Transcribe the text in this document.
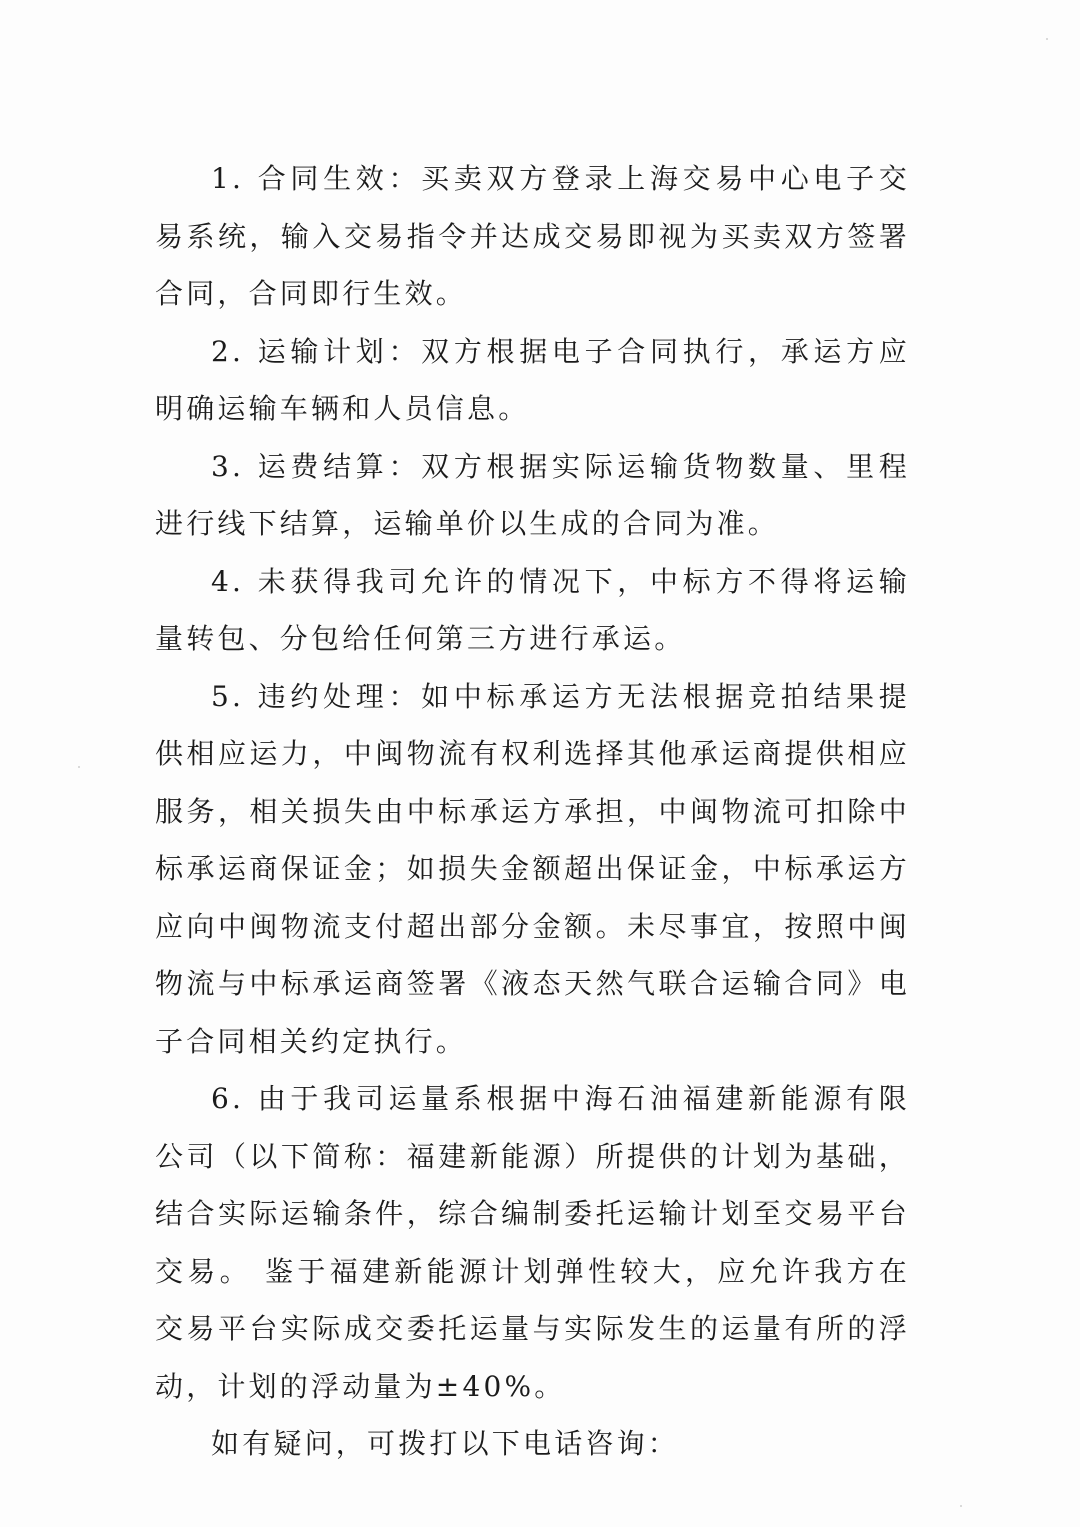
1. 合同生效：买卖双方登录上海交易中心电子交易系统，输入交易指令并达成交易即视为买卖双方签署合同，合同即行生效。

2. 运输计划：双方根据电子合同执行，承运方应明确运输车辆和人员信息。

3. 运费结算：双方根据实际运输货物数量、里程进行线下结算，运输单价以生成的合同为准。

4. 未获得我司允许的情况下，中标方不得将运输量转包、分包给任何第三方进行承运。

5. 违约处理：如中标承运方无法根据竞拍结果提供相应运力，中闽物流有权利选择其他承运商提供相应服务，相关损失由中标承运方承担，中闽物流可扣除中标承运商保证金；如损失金额超出保证金，中标承运方应向中闽物流支付超出部分金额。未尽事宜，按照中闽物流与中标承运商签署《液态天然气联合运输合同》电子合同相关约定执行。

6. 由于我司运量系根据中海石油福建新能源有限公司（以下简称：福建新能源）所提供的计划为基础，结合实际运输条件，综合编制委托运输计划至交易平台交易。 鉴于福建新能源计划弹性较大，应允许我方在交易平台实际成交委托运量与实际发生的运量有所的浮动，计划的浮动量为±40%。

如有疑问，可拨打以下电话咨询：
